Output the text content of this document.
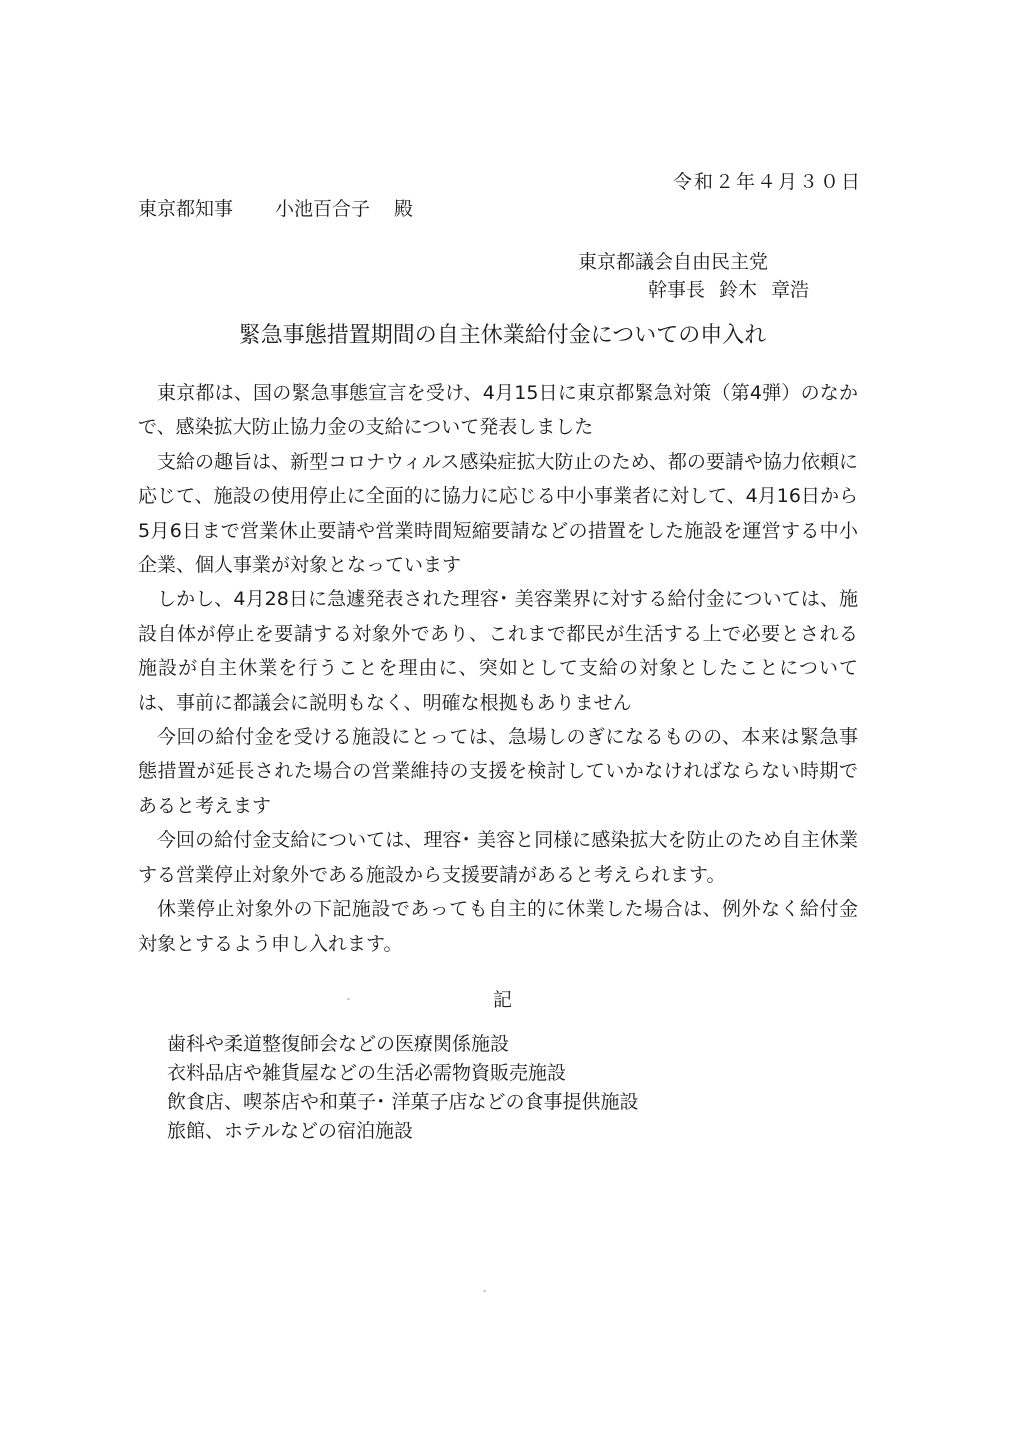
令和２年４月３０日
東京都知事 小池百合子 殿
東京都議会自由民主党
幹事長 鈴木 章浩
緊急事態措置期間の自主休業給付金についての申入れ

東京都は、国の緊急事態宣言を受け、4月15日に東京都緊急対策（第4弾）のなかで、感染拡大防止協力金の支給について発表しました

支給の趣旨は、新型コロナウィルス感染症拡大防止のため、都の要請や協力依頼に応じて、施設の使用停止に全面的に協力に応じる中小事業者に対して、4月16日から5月6日まで営業休止要請や営業時間短縮要請などの措置をした施設を運営する中小企業、個人事業が対象となっています

しかし、4月28日に急遽発表された理容･ 美容業界に対する給付金については、施設自体が停止を要請する対象外であり、これまで都民が生活する上で必要とされる施設が自主休業を行うことを理由に、突如として支給の対象としたことについては、事前に都議会に説明もなく、明確な根拠もありません

今回の給付金を受ける施設にとっては、急場しのぎになるものの、本来は緊急事態措置が延長された場合の営業維持の支援を検討していかなければならない時期であると考えます

今回の給付金支給については、理容･ 美容と同様に感染拡大を防止のため自主休業する営業停止対象外である施設から支援要請があると考えられます。

休業停止対象外の下記施設であっても自主的に休業した場合は、例外なく給付金対象とするよう申し入れます。

記
歯科や柔道整復師会などの医療関係施設
衣料品店や雑貨屋などの生活必需物資販売施設
飲食店、喫茶店や和菓子･ 洋菓子店などの食事提供施設
旅館、ホテルなどの宿泊施設
